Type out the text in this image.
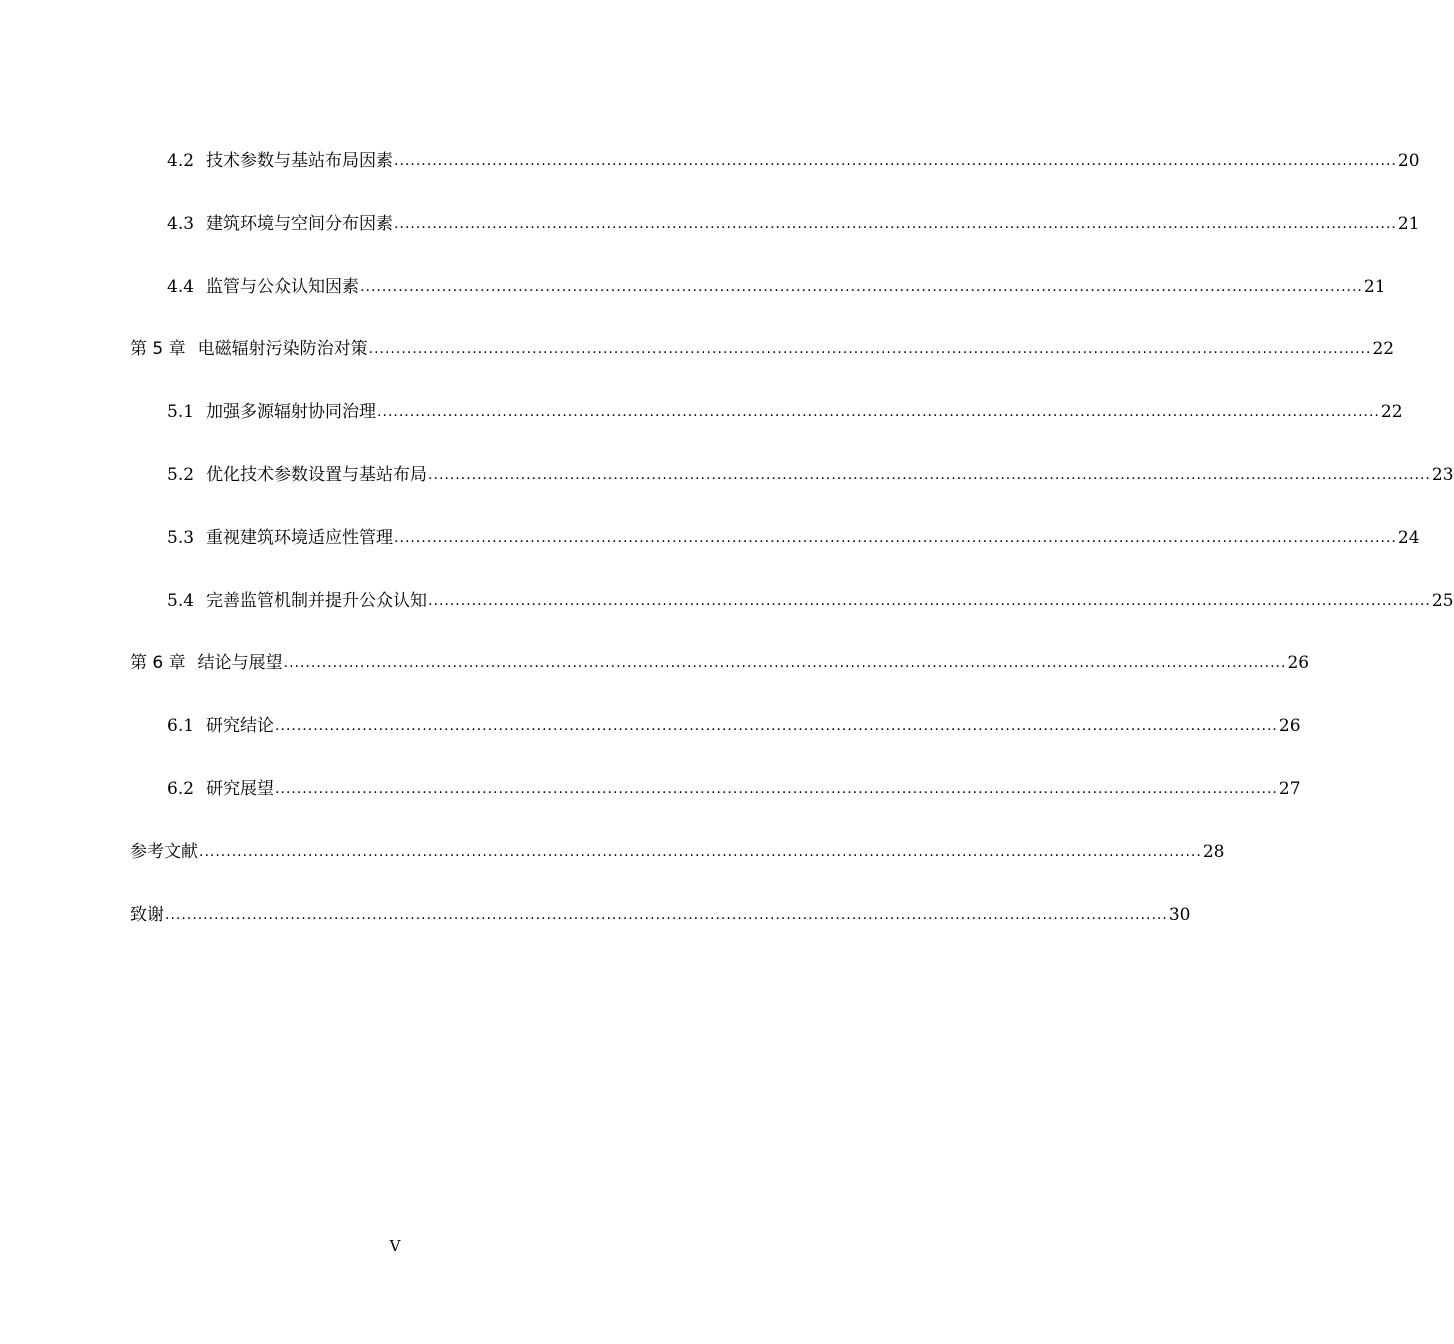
4.2 技术参数与基站布局因素 ........................................................................................................................................................................................ 20
4.3 建筑环境与空间分布因素 ........................................................................................................................................................................................ 21
4.4 监管与公众认知因素 ........................................................................................................................................................................................ 21
第 5 章 电磁辐射污染防治对策 ........................................................................................................................................................................................ 22
5.1 加强多源辐射协同治理 ........................................................................................................................................................................................ 22
5.2 优化技术参数设置与基站布局 ........................................................................................................................................................................................ 23
5.3 重视建筑环境适应性管理 ........................................................................................................................................................................................ 24
5.4 完善监管机制并提升公众认知 ........................................................................................................................................................................................ 25
第 6 章 结论与展望 ........................................................................................................................................................................................ 26
6.1 研究结论 ........................................................................................................................................................................................ 26
6.2 研究展望 ........................................................................................................................................................................................ 27
参考文献 ........................................................................................................................................................................................ 28
致谢 ........................................................................................................................................................................................ 30
V
